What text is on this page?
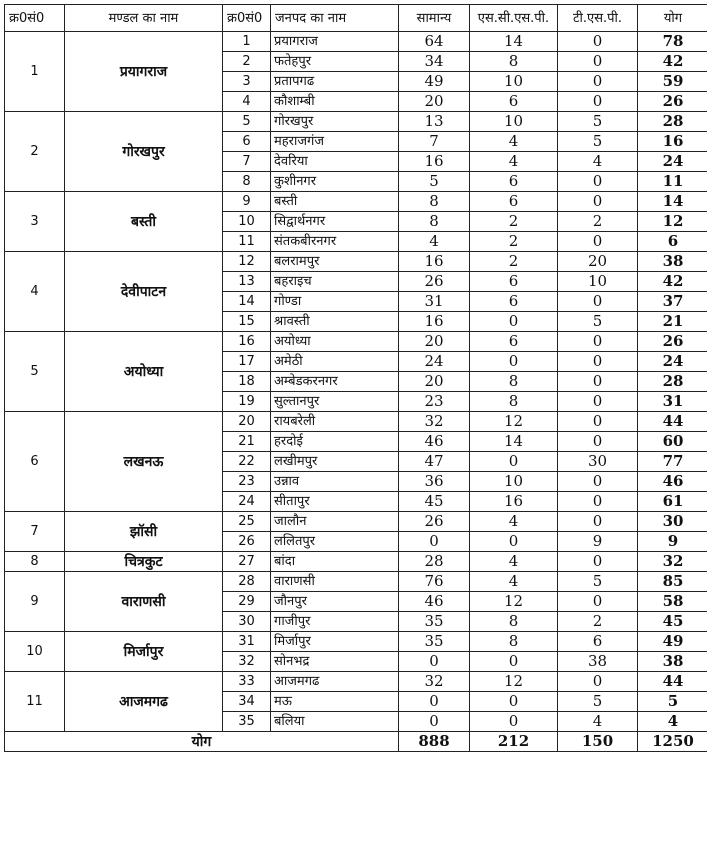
क्र0सं0	मण्डल का नाम	क्र0सं0	जनपद का नाम	सामान्य	एस.सी.एस.पी.	टी.एस.पी.	योग
1	प्रयागराज	1	प्रयागराज	64	14	0	78
		2	फतेहपुर	34	8	0	42
		3	प्रतापगढ	49	10	0	59
		4	कौशाम्बी	20	6	0	26
2	गोरखपुर	5	गोरखपुर	13	10	5	28
		6	महराजगंज	7	4	5	16
		7	देवरिया	16	4	4	24
		8	कुशीनगर	5	6	0	11
3	बस्ती	9	बस्ती	8	6	0	14
		10	सिद्वार्थनगर	8	2	2	12
		11	संतकबीरनगर	4	2	0	6
4	देवीपाटन	12	बलरामपुर	16	2	20	38
		13	बहराइच	26	6	10	42
		14	गोण्डा	31	6	0	37
		15	श्रावस्ती	16	0	5	21
5	अयोध्या	16	अयोध्या	20	6	0	26
		17	अमेठी	24	0	0	24
		18	अम्बेडकरनगर	20	8	0	28
		19	सुल्तानपुर	23	8	0	31
6	लखनऊ	20	रायबरेली	32	12	0	44
		21	हरदोई	46	14	0	60
		22	लखीमपुर	47	0	30	77
		23	उन्नाव	36	10	0	46
		24	सीतापुर	45	16	0	61
7	झॉसी	25	जालौन	26	4	0	30
		26	ललितपुर	0	0	9	9
8	चित्रकुट	27	बांदा	28	4	0	32
9	वाराणसी	28	वाराणसी	76	4	5	85
		29	जौनपुर	46	12	0	58
		30	गाजीपुर	35	8	2	45
10	मिर्जापुर	31	मिर्जापुर	35	8	6	49
		32	सोनभद्र	0	0	38	38
11	आजमगढ	33	आजमगढ	32	12	0	44
		34	मऊ	0	0	5	5
		35	बलिया	0	0	4	4
योग				888	212	150	1250
